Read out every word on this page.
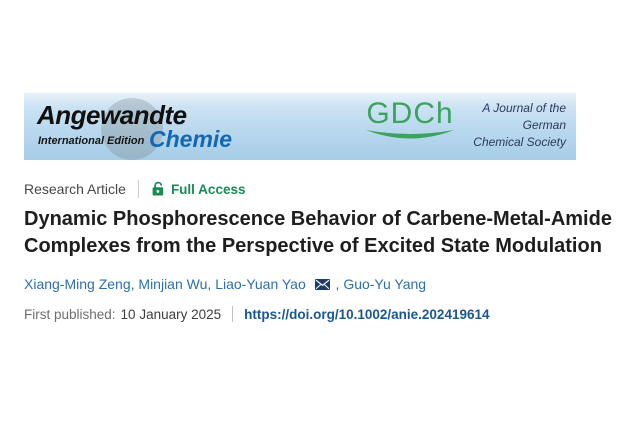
Angewandte
International Edition Chemie
GDCh	A Journal of the
German
Chemical Society
Research Article	Full Access
Dynamic Phosphorescence Behavior of Carbene-Metal-Amide Complexes from the Perspective of Excited State Modulation
Xiang-Ming Zeng, Minjian Wu, Liao-Yuan Yao , Guo-Yu Yang
First published: 10 January 2025 https://doi.org/10.1002/anie.202419614
